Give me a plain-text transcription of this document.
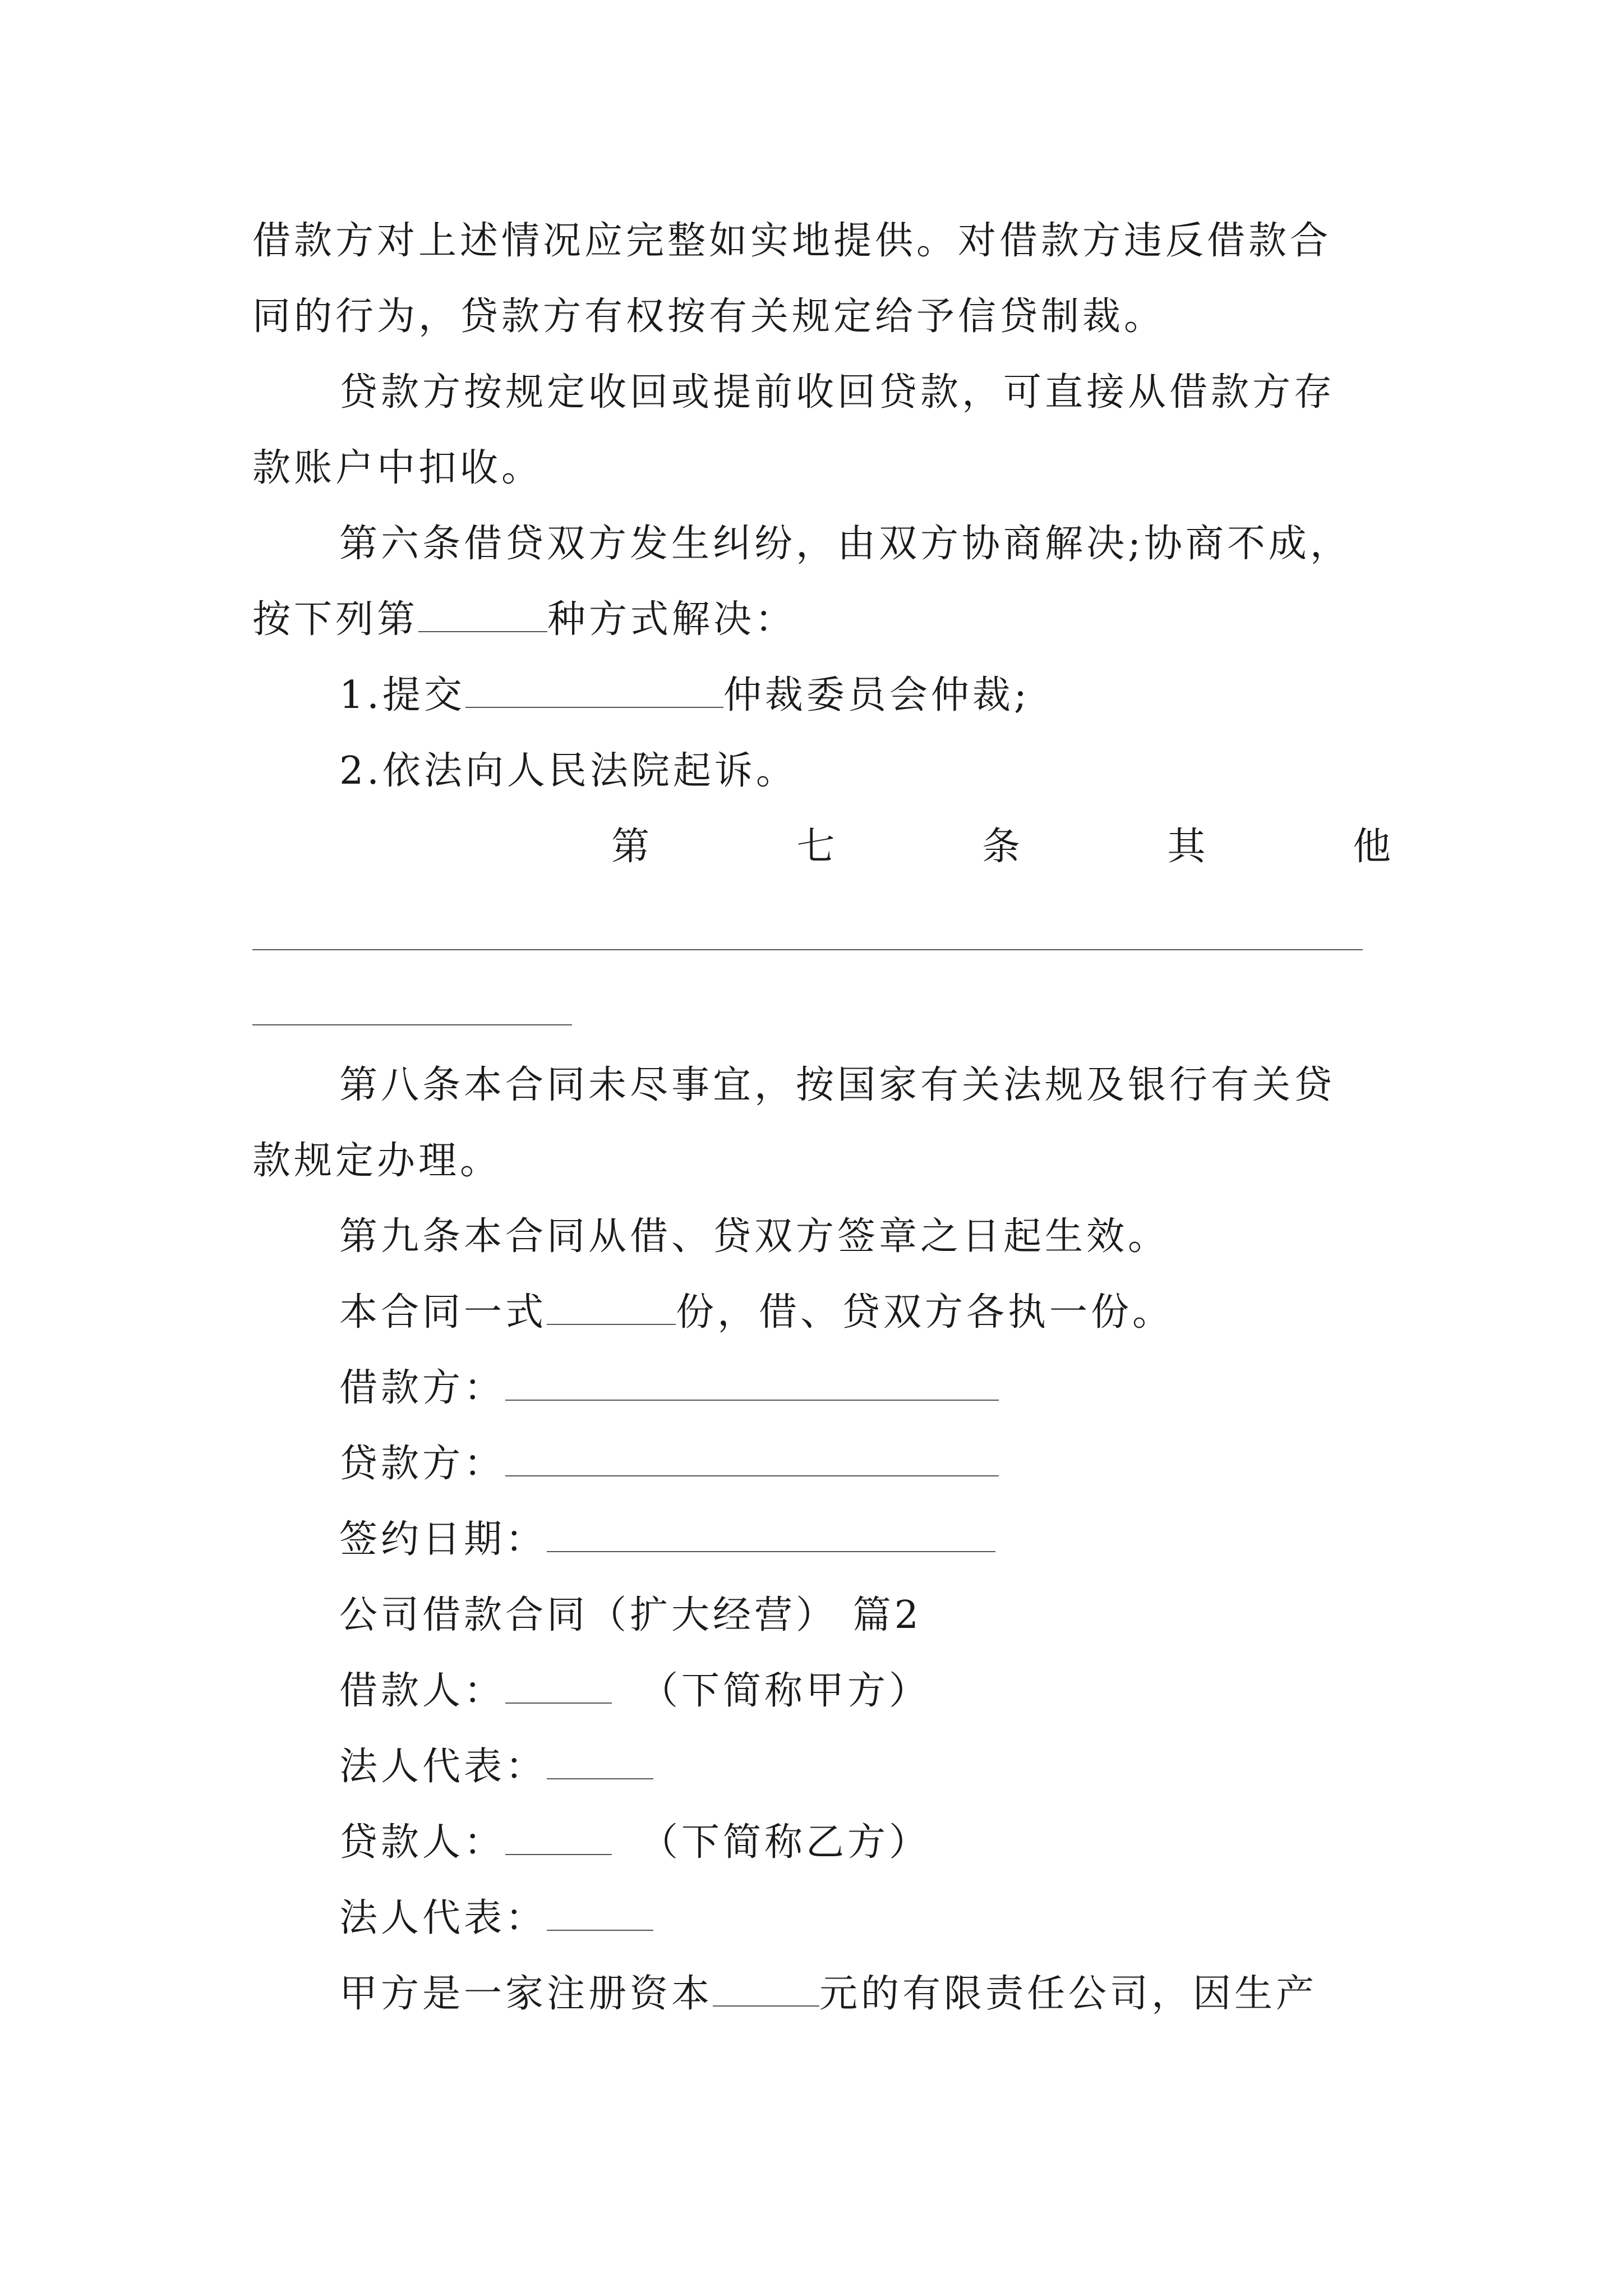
借款方对上述情况应完整如实地提供。对借款方违反借款合
同的行为，贷款方有权按有关规定给予信贷制裁。
贷款方按规定收回或提前收回贷款，可直接从借款方存
款账户中扣收。
第六条借贷双方发生纠纷，由双方协商解决;协商不成，
按下列第	种方式解决：
1.提交	仲裁委员会仲裁;
2.依法向人民法院起诉。
第	七	条	其	他
第八条本合同未尽事宜，按国家有关法规及银行有关贷
款规定办理。
第九条本合同从借、贷双方签章之日起生效。
本合同一式	份，借、贷双方各执一份。
借款方：
贷款方：
签约日期：
公司借款合同（扩大经营） 篇2
借款人：	（下简称甲方）
法人代表：
贷款人：	（下简称乙方）
法人代表：
甲方是一家注册资本	元的有限责任公司，因生产
